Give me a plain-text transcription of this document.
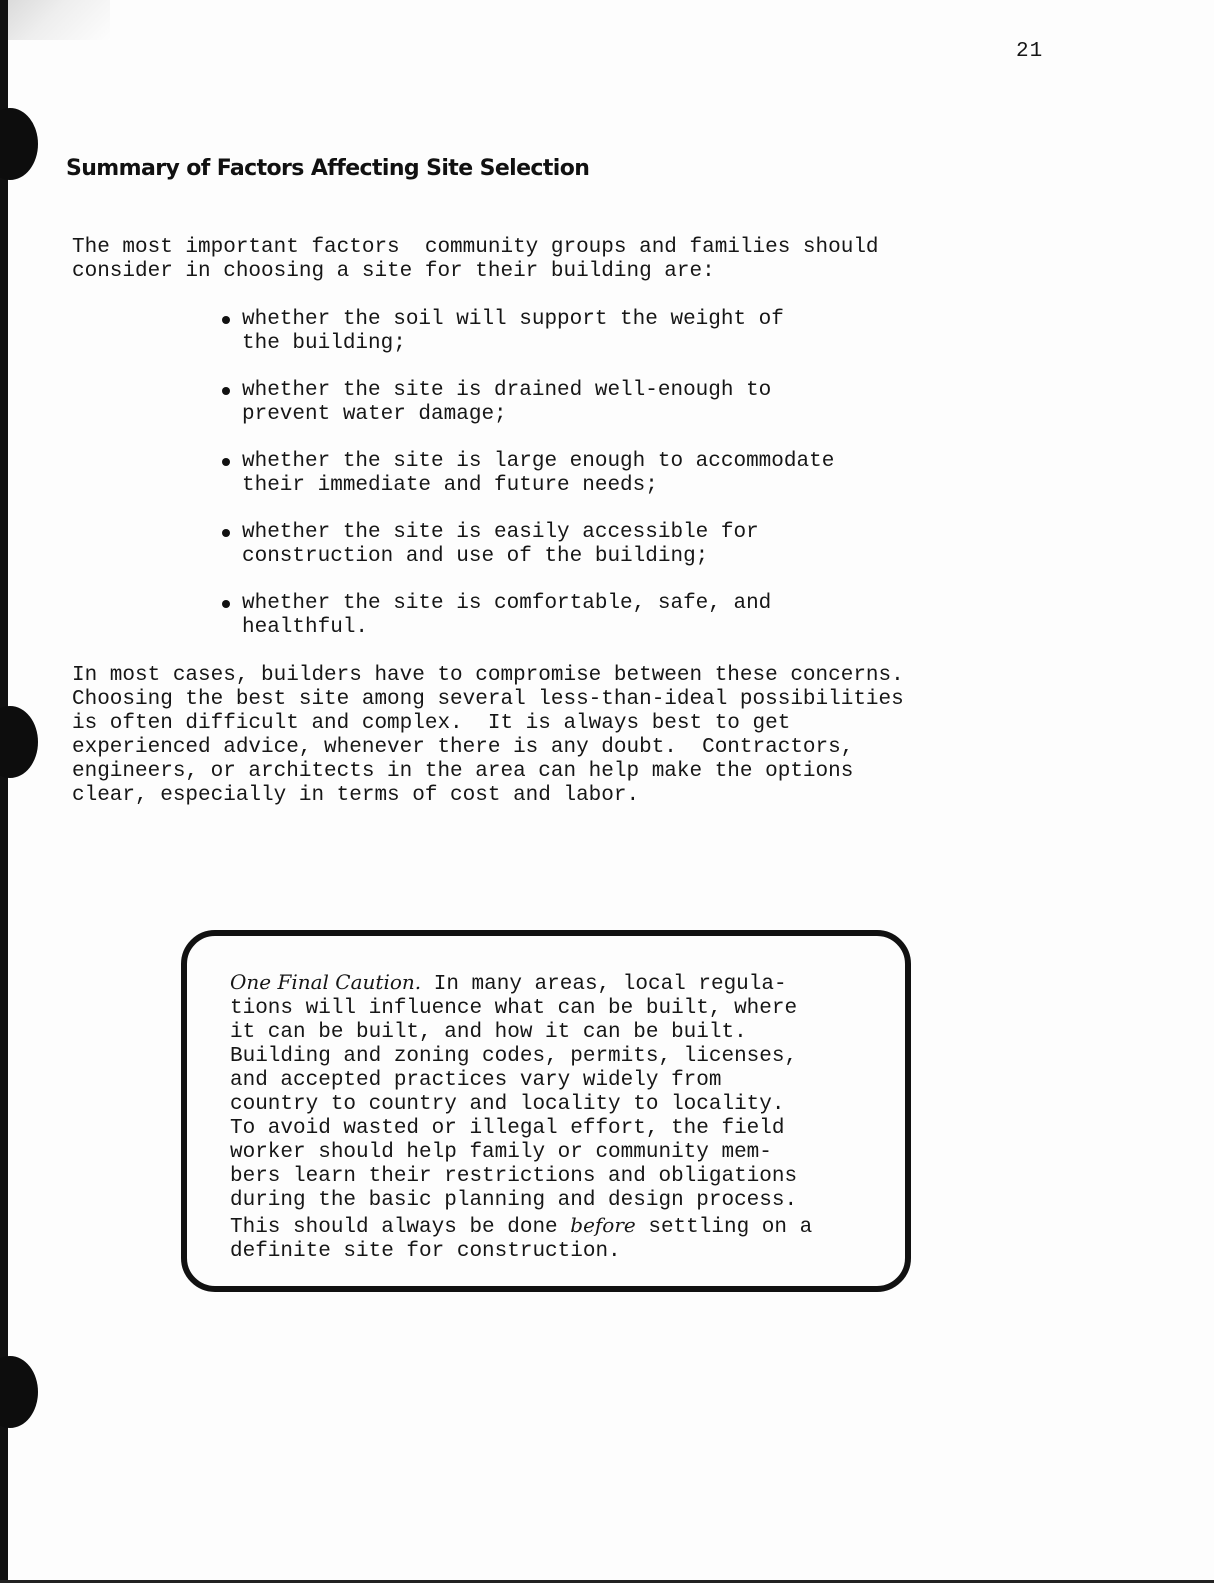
21
Summary of Factors Affecting Site Selection

The most important factors  community groups and families should
consider in choosing a site for their building are:

whether the soil will support the weight of
the building;
whether the site is drained well-enough to
prevent water damage;
whether the site is large enough to accommodate
their immediate and future needs;
whether the site is easily accessible for
construction and use of the building;
whether the site is comfortable, safe, and
healthful.

In most cases, builders have to compromise between these concerns.
Choosing the best site among several less-than-ideal possibilities
is often difficult and complex.  It is always best to get
experienced advice, whenever there is any doubt.  Contractors,
engineers, or architects in the area can help make the options
clear, especially in terms of cost and labor.

One Final Caution. In many areas, local regula-
tions will influence what can be built, where
it can be built, and how it can be built.
Building and zoning codes, permits, licenses,
and accepted practices vary widely from
country to country and locality to locality.
To avoid wasted or illegal effort, the field
worker should help family or community mem-
bers learn their restrictions and obligations
during the basic planning and design process.
This should always be done before settling on a
definite site for construction.
